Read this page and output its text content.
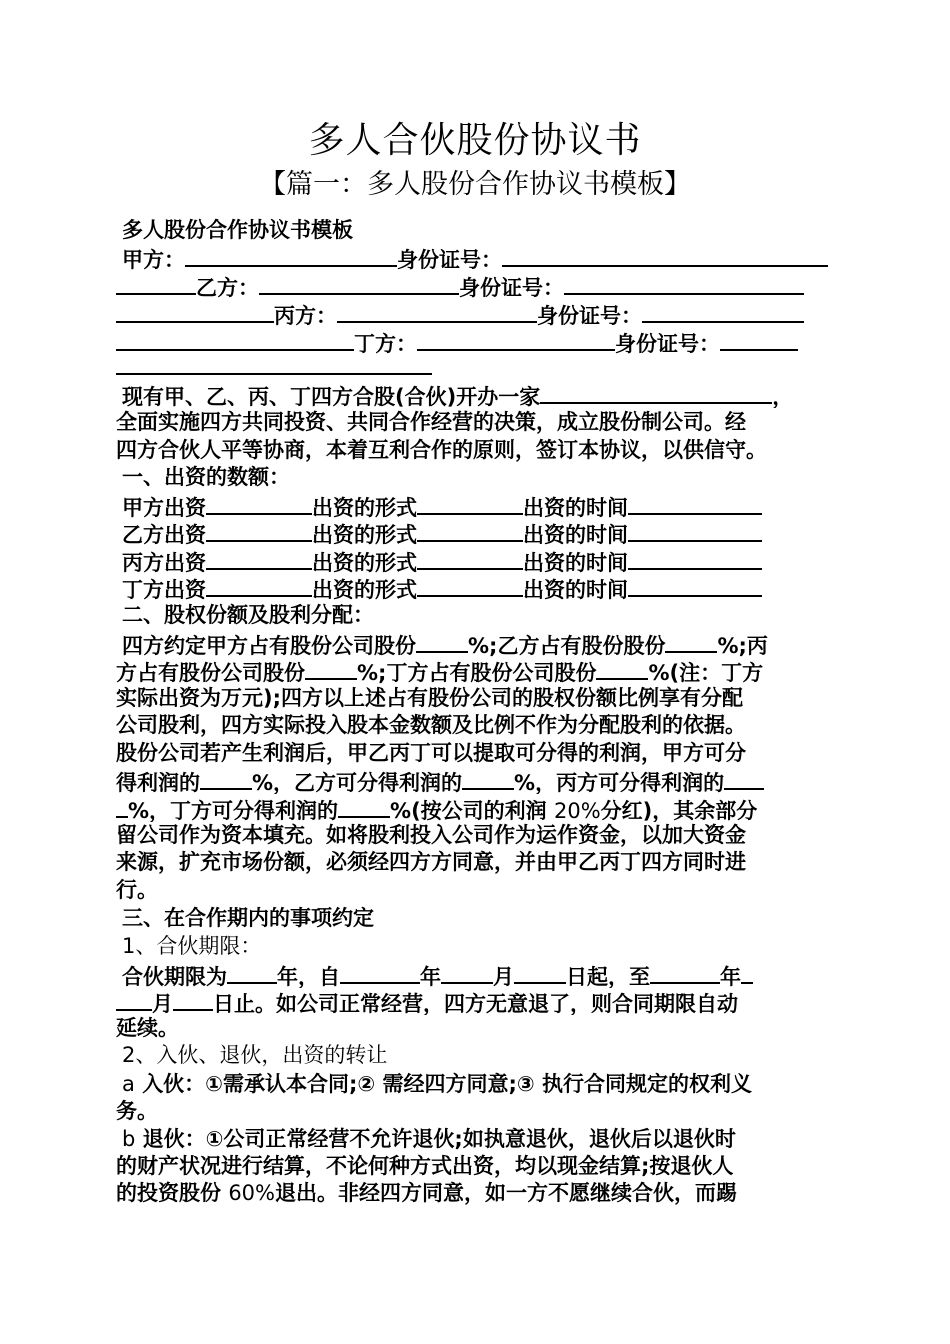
多人合伙股份协议书
【篇一：多人股份合作协议书模板】
多人股份合作协议书模板
甲方：	身份证号：
乙方：	身份证号：
丙方：	身份证号：
丁方：	身份证号：
现有甲、乙、丙、丁四方合股(合伙)开办一家	，
全面实施四方共同投资、共同合作经营的决策，成立股份制公司。经
四方合伙人平等协商，本着互利合作的原则，签订本协议，以供信守。
一、出资的数额：
甲方出资	出资的形式	出资的时间
乙方出资	出资的形式	出资的时间
丙方出资	出资的形式	出资的时间
丁方出资	出资的形式	出资的时间
二、股权份额及股利分配：
四方约定甲方占有股份公司股份 %;乙方占有股份股份 %;丙
方占有股份公司股份 %;丁方占有股份公司股份 %(注：丁方
实际出资为万元);四方以上述占有股份公司的股权份额比例享有分配
公司股利，四方实际投入股本金数额及比例不作为分配股利的依据。
股份公司若产生利润后，甲乙丙丁可以提取可分得的利润，甲方可分
得利润的 %，乙方可分得利润的 %，丙方可分得利润的
%，丁方可分得利润的 %(按公司的利润 20%分红)，其余部分
留公司作为资本填充。如将股利投入公司作为运作资金，以加大资金
来源，扩充市场份额，必须经四方方同意，并由甲乙丙丁四方同时进
行。
三、在合作期内的事项约定
1、合伙期限：
合伙期限为 年，自	年 月 日起，至	年
月 日止。如公司正常经营，四方无意退了，则合同期限自动
延续。
2、入伙、退伙，出资的转让
a 入伙：①需承认本合同;② 需经四方同意;③ 执行合同规定的权利义
务。
b 退伙：①公司正常经营不允许退伙;如执意退伙，退伙后以退伙时
的财产状况进行结算，不论何种方式出资，均以现金结算;按退伙人
的投资股份 60%退出。非经四方同意，如一方不愿继续合伙，而踢
